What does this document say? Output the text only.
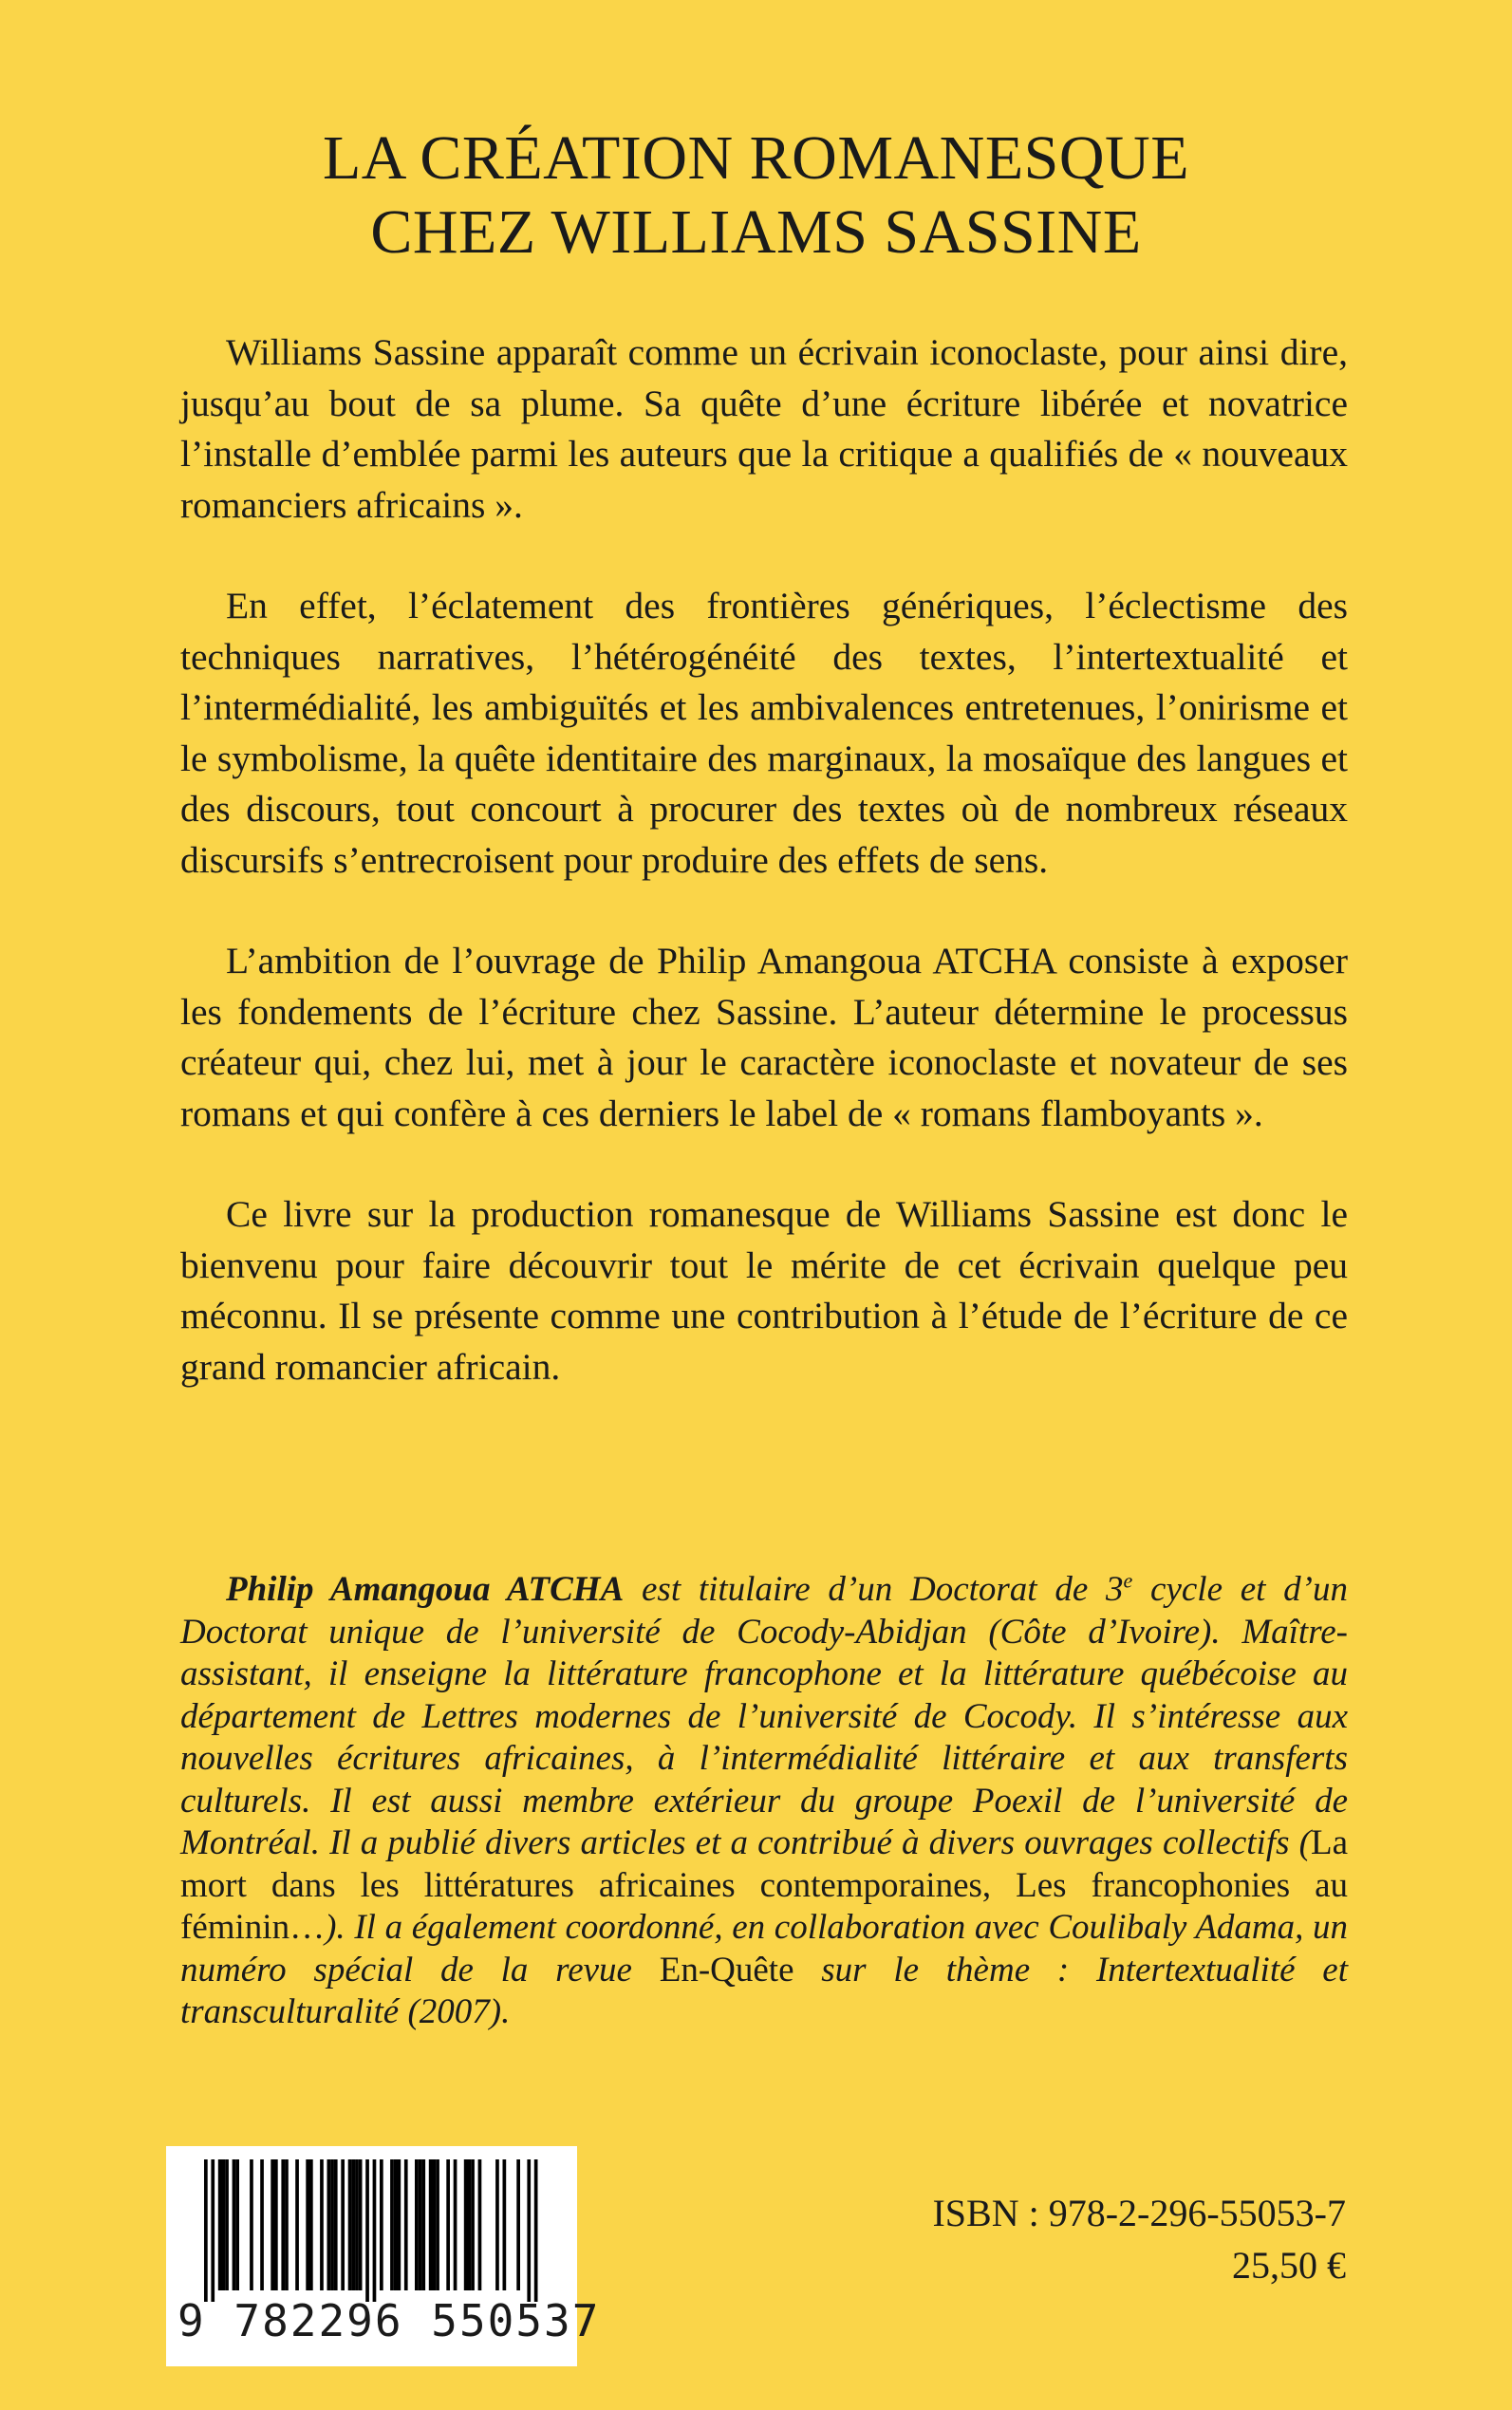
LA CRÉATION ROMANESQUE
CHEZ WILLIAMS SASSINE

Williams Sassine apparaît comme un écrivain iconoclaste, pour ainsi dire, jusqu’au bout de sa plume. Sa quête d’une écriture libérée et novatrice l’installe d’emblée parmi les auteurs que la critique a qualifiés de « nouveaux romanciers africains ».

En effet, l’éclatement des frontières génériques, l’éclectisme des techniques narratives, l’hétérogénéité des textes, l’intertextualité et l’intermédialité, les ambiguïtés et les ambivalences entretenues, l’onirisme et le symbolisme, la quête identitaire des marginaux, la mosaïque des langues et des discours, tout concourt à procurer des textes où de nombreux réseaux discursifs s’entrecroisent pour produire des effets de sens.

L’ambition de l’ouvrage de Philip Amangoua ATCHA consiste à exposer les fondements de l’écriture chez Sassine. L’auteur détermine le processus créateur qui, chez lui, met à jour le caractère iconoclaste et novateur de ses romans et qui confère à ces derniers le label de « romans flamboyants ».

Ce livre sur la production romanesque de Williams Sassine est donc le bienvenu pour faire découvrir tout le mérite de cet écrivain quelque peu méconnu. Il se présente comme une contribution à l’étude de l’écriture de ce grand romancier africain.

Philip Amangoua ATCHA est titulaire d’un Doctorat de 3e cycle et d’un Doctorat unique de l’université de Cocody-Abidjan (Côte d’Ivoire). Maître-assistant, il enseigne la littérature francophone et la littérature québécoise au département de Lettres modernes de l’université de Cocody. Il s’intéresse aux nouvelles écritures africaines, à l’intermédialité littéraire et aux transferts culturels. Il est aussi membre extérieur du groupe Poexil de l’université de Montréal. Il a publié divers articles et a contribué à divers ouvrages collectifs (La mort dans les littératures africaines contemporaines, Les francophonies au féminin…). Il a également coordonné, en collaboration avec Coulibaly Adama, un numéro spécial de la revue En-Quête sur le thème : Intertextualité et transculturalité (2007).
9 782296 550537
ISBN : 978-2-296-55053-7
25,50 €
